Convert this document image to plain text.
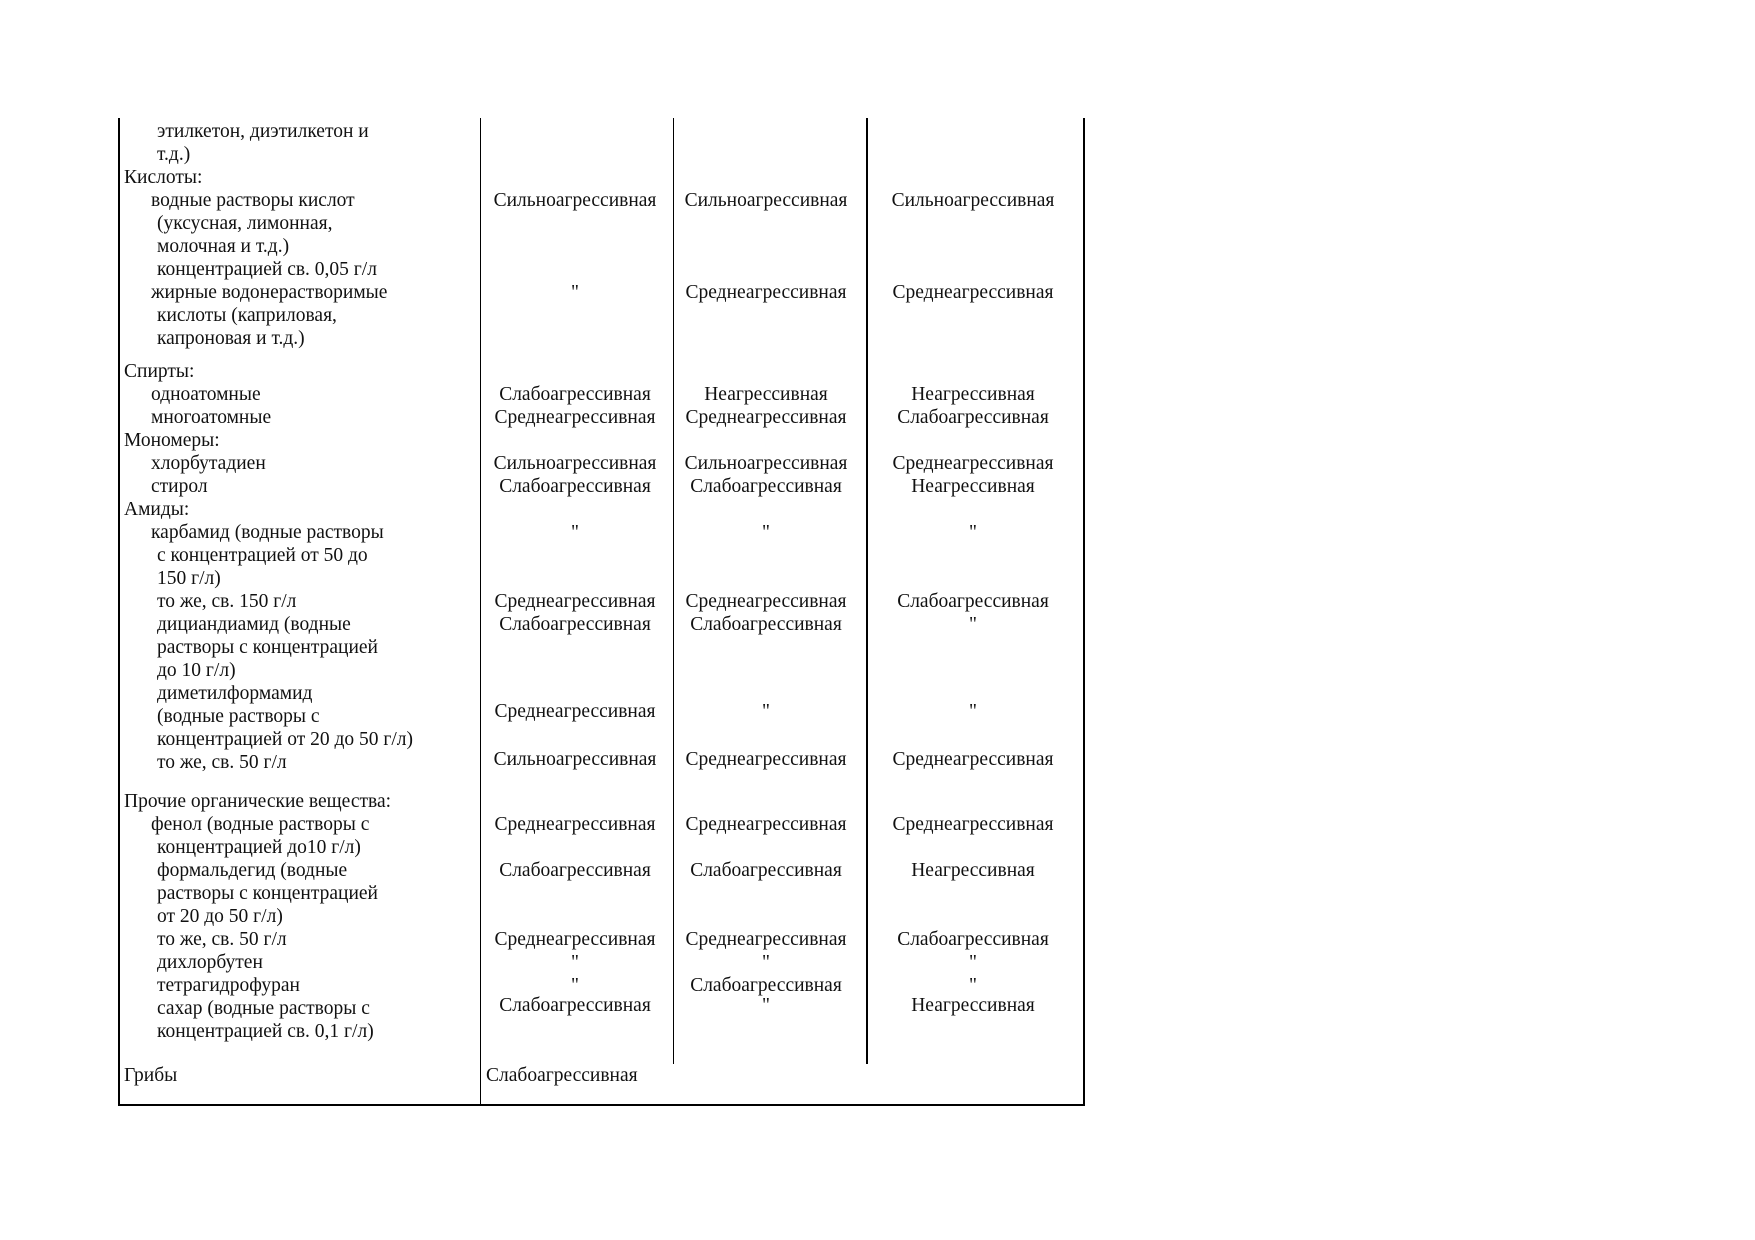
этилкетон, диэтилкетон и
т.д.)
Кислоты:
водные растворы кислот	Сильноагрессивная Сильноагрессивная Сильноагрессивная
(уксусная, лимонная,
молочная и т.д.)
концентрацией св. 0,05 г/л
жирные водонерастворимые	"	Среднеагрессивная Среднеагрессивная
кислоты (каприловая,
капроновая и т.д.)
Спирты:
одноатомные	Слабоагрессивная	Неагрессивная	Неагрессивная
многоатомные	Среднеагрессивная Среднеагрессивная	Слабоагрессивная
Мономеры:
хлорбутадиен	Сильноагрессивная Сильноагрессивная Среднеагрессивная
стирол	Слабоагрессивная Слабоагрессивная	Неагрессивная
Амиды:
карбамид (водные растворы	"	"	"
с концентрацией от 50 до
150 г/л)
то же, св. 150 г/л	Среднеагрессивная Среднеагрессивная	Слабоагрессивная
дициандиамид (водные	Слабоагрессивная Слабоагрессивная	"
растворы с концентрацией
до 10 г/л)
диметилформамид
(водные растворы с	Среднеагрессивная	"	"
концентрацией от 20 до 50 г/л)
то же, св. 50 г/л	Сильноагрессивная Среднеагрессивная Среднеагрессивная
Прочие органические вещества:
фенол (водные растворы с	Среднеагрессивная Среднеагрессивная Среднеагрессивная
концентрацией до10 г/л)
формальдегид (водные	Слабоагрессивная Слабоагрессивная	Неагрессивная
растворы с концентрацией
от 20 до 50 г/л)
то же, св. 50 г/л	Среднеагрессивная Среднеагрессивная	Слабоагрессивная
дихлорбутен	"	"	"
тетрагидрофуран	"	Слабоагрессивная	"
сахар (водные растворы с	Слабоагрессивная	"	Неагрессивная
концентрацией св. 0,1 г/л)
Грибы	Слабоагрессивная
